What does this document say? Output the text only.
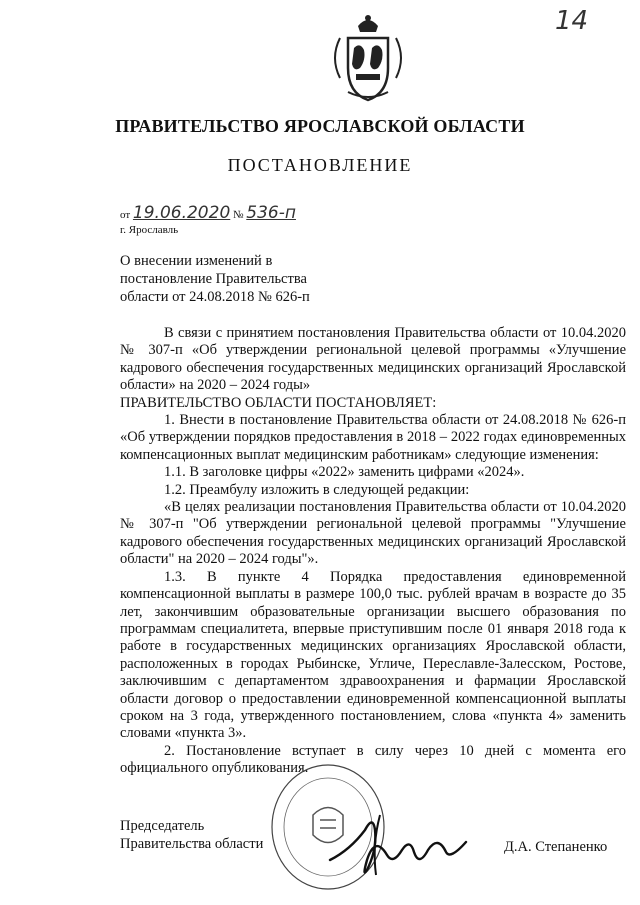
14
ПРАВИТЕЛЬСТВО ЯРОСЛАВСКОЙ ОБЛАСТИ
ПОСТАНОВЛЕНИЕ
от 19.06.2020 № 536-п
г. Ярославль
О внесении изменений в
постановление Правительства
области от 24.08.2018 № 626-п

В связи с принятием постановления Правительства области от 10.04.2020 № 307-п «Об утверждении региональной целевой программы «Улучшение кадрового обеспечения государственных медицинских организаций Ярославской области» на 2020 – 2024 годы»

ПРАВИТЕЛЬСТВО ОБЛАСТИ ПОСТАНОВЛЯЕТ:

1. Внести в постановление Правительства области от 24.08.2018 № 626-п «Об утверждении порядков предоставления в 2018 – 2022 годах единовременных компенсационных выплат медицинским работникам» следующие изменения:

1.1. В заголовке цифры «2022» заменить цифрами «2024».

1.2. Преамбулу изложить в следующей редакции:

«В целях реализации постановления Правительства области от 10.04.2020 № 307-п "Об утверждении региональной целевой программы "Улучшение кадрового обеспечения государственных медицинских организаций Ярославской области" на 2020 – 2024 годы"».

1.3. В пункте 4 Порядка предоставления единовременной компенсационной выплаты в размере 100,0 тыс. рублей врачам в возрасте до 35 лет, закончившим образовательные организации высшего образования по программам специалитета, впервые приступившим после 01 января 2018 года к работе в государственных медицинских организациях Ярославской области, расположенных в городах Рыбинске, Угличе, Переславле-Залесском, Ростове, заключившим с департаментом здравоохранения и фармации Ярославской области договор о предоставлении единовременной компенсационной выплаты сроком на 3 года, утвержденного постановлением, слова «пункта 4» заменить словами «пункта 3».

2. Постановление вступает в силу через 10 дней с момента его официального опубликования.

Председатель
Правительства области	Д.А. Степаненко
